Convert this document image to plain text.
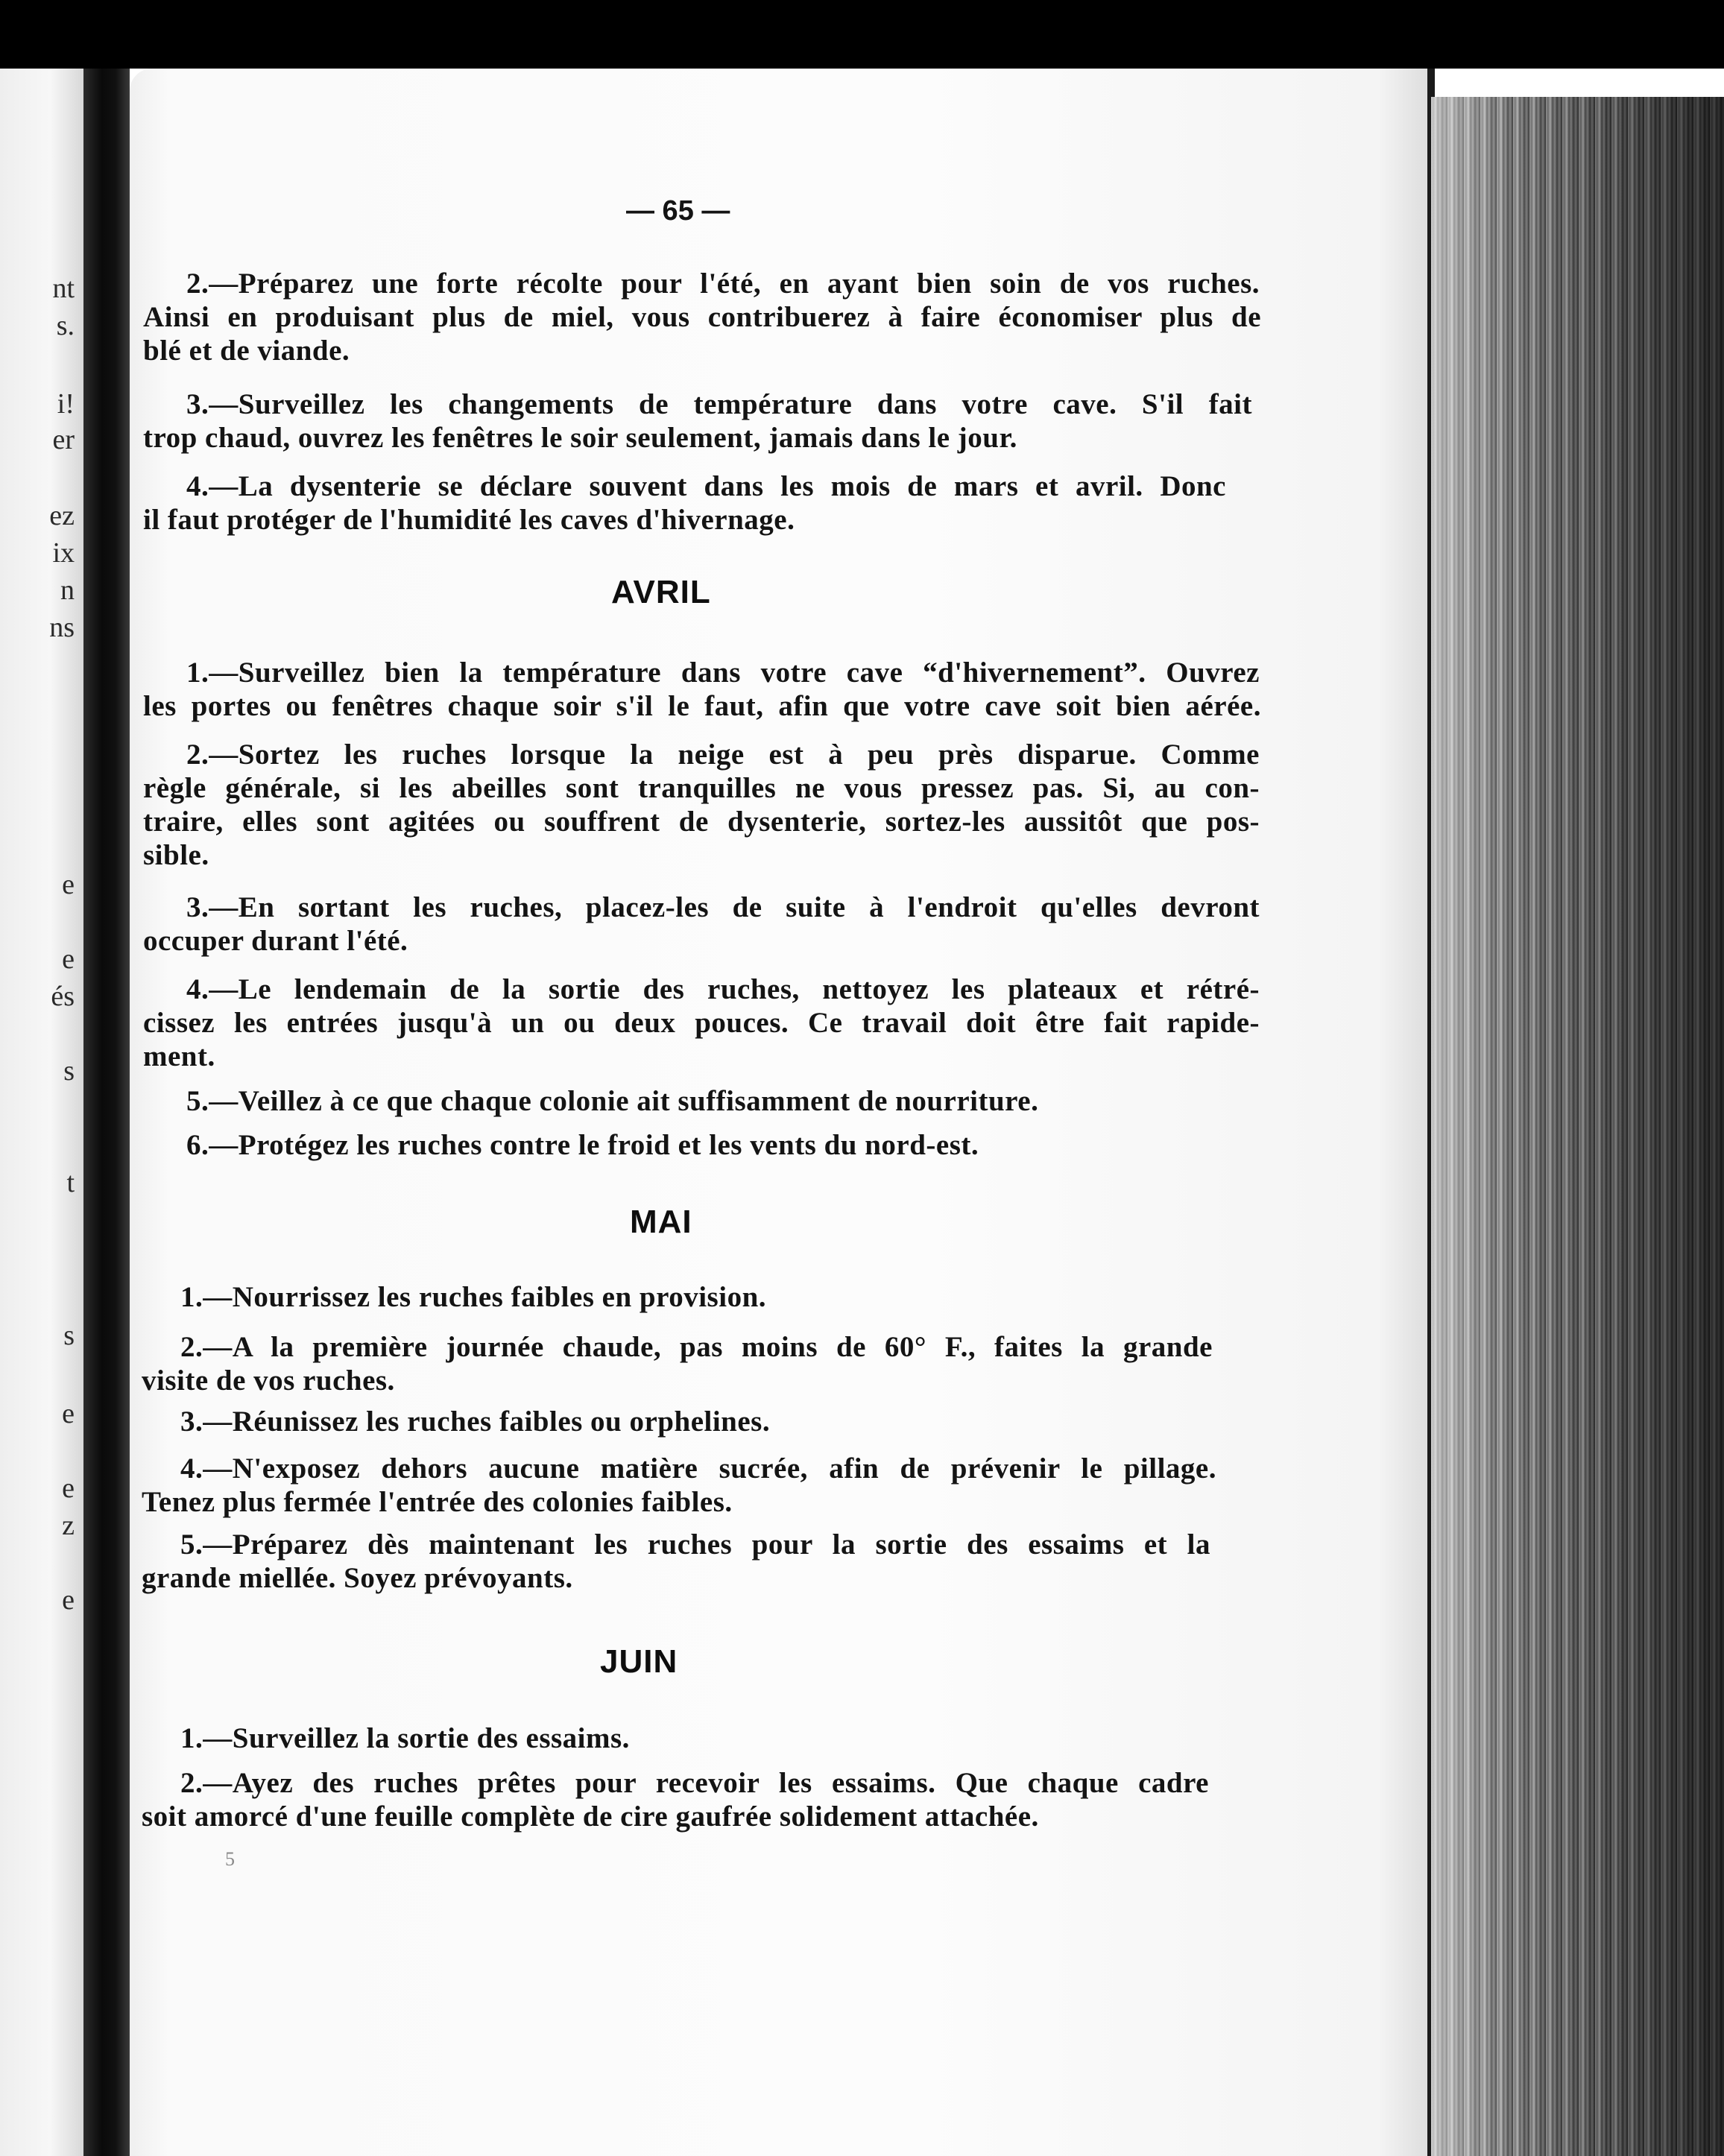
nt
s.
i!
er
ez
ix
n
ns
e
e
és
s
t
s
e
e
z
e
— 65 —
2.—Préparez une forte récolte pour l'été, en ayant bien soin de vos ruches.
Ainsi en produisant plus de miel, vous contribuerez à faire économiser plus de
blé et de viande.
3.—Surveillez les changements de température dans votre cave. S'il fait
trop chaud, ouvrez les fenêtres le soir seulement, jamais dans le jour.
4.—La dysenterie se déclare souvent dans les mois de mars et avril. Donc
il faut protéger de l'humidité les caves d'hivernage.
AVRIL
1.—Surveillez bien la température dans votre cave “d'hivernement”. Ouvrez
les portes ou fenêtres chaque soir s'il le faut, afin que votre cave soit bien aérée.
2.—Sortez les ruches lorsque la neige est à peu près disparue. Comme
règle générale, si les abeilles sont tranquilles ne vous pressez pas. Si, au con-
traire, elles sont agitées ou souffrent de dysenterie, sortez-les aussitôt que pos-
sible.
3.—En sortant les ruches, placez-les de suite à l'endroit qu'elles devront
occuper durant l'été.
4.—Le lendemain de la sortie des ruches, nettoyez les plateaux et rétré-
cissez les entrées jusqu'à un ou deux pouces. Ce travail doit être fait rapide-
ment.
5.—Veillez à ce que chaque colonie ait suffisamment de nourriture.
6.—Protégez les ruches contre le froid et les vents du nord-est.
MAI
1.—Nourrissez les ruches faibles en provision.
2.—A la première journée chaude, pas moins de 60° F., faites la grande
visite de vos ruches.
3.—Réunissez les ruches faibles ou orphelines.
4.—N'exposez dehors aucune matière sucrée, afin de prévenir le pillage.
Tenez plus fermée l'entrée des colonies faibles.
5.—Préparez dès maintenant les ruches pour la sortie des essaims et la
grande miellée. Soyez prévoyants.
JUIN
1.—Surveillez la sortie des essaims.
2.—Ayez des ruches prêtes pour recevoir les essaims. Que chaque cadre
soit amorcé d'une feuille complète de cire gaufrée solidement attachée.
5
